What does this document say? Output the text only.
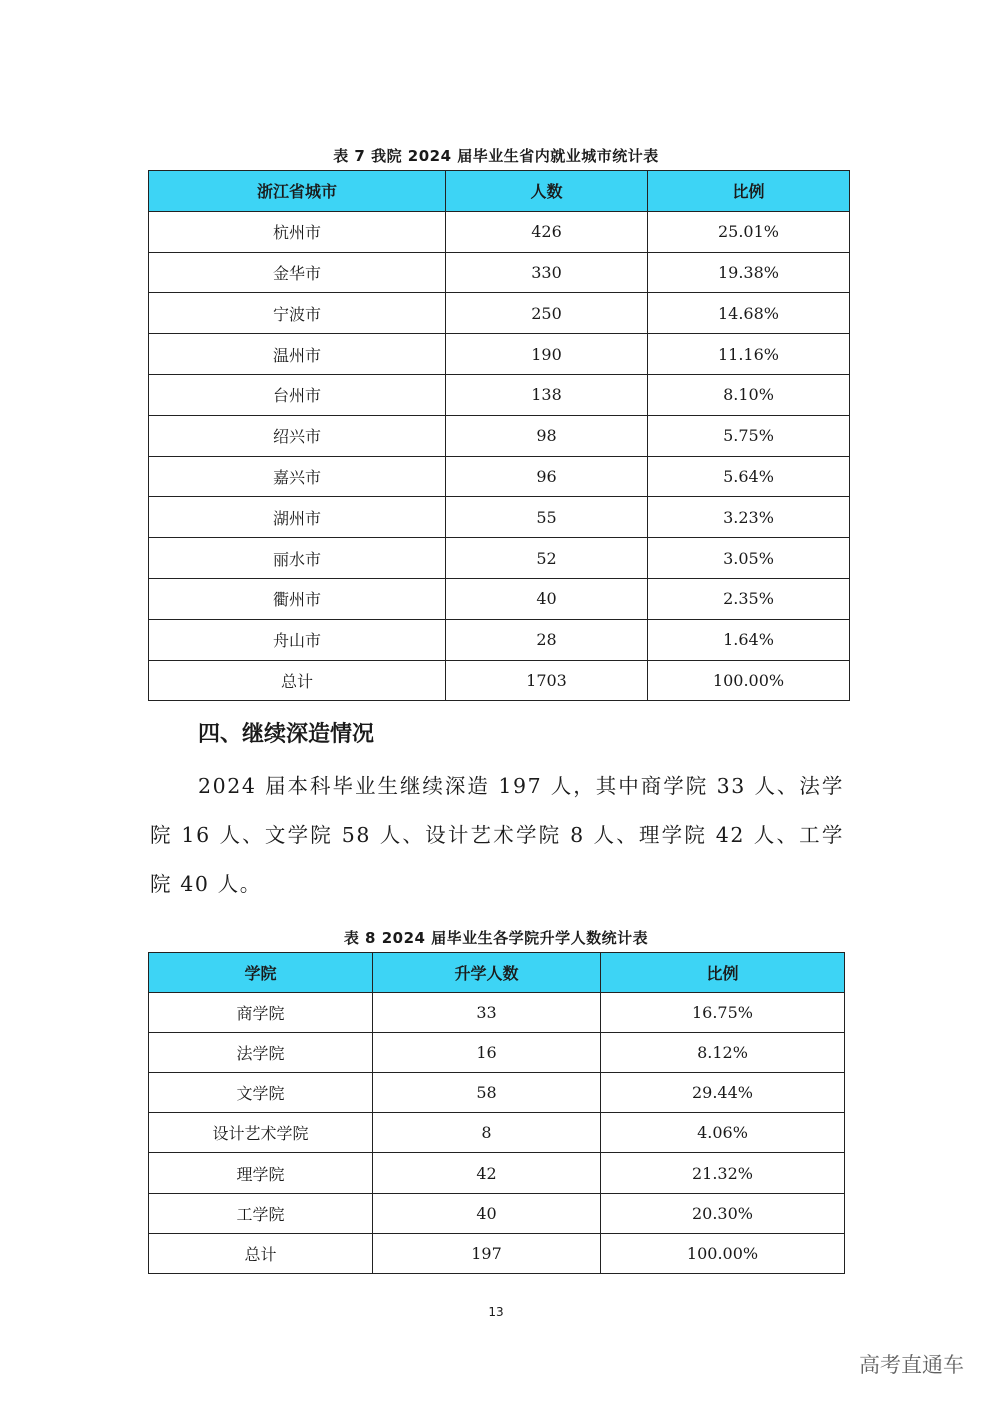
表 7 我院 2024 届毕业生省内就业城市统计表
浙江省城市	人数	比例
杭州市	426	25.01%
金华市	330	19.38%
宁波市	250	14.68%
温州市	190	11.16%
台州市	138	8.10%
绍兴市	98	5.75%
嘉兴市	96	5.64%
湖州市	55	3.23%
丽水市	52	3.05%
衢州市	40	2.35%
舟山市	28	1.64%
总计	1703	100.00%
四、继续深造情况
2024 届本科毕业生继续深造 197 人，其中商学院 33 人、法学院 16 人、文学院 58 人、设计艺术学院 8 人、理学院 42 人、工学院 40 人。
表 8 2024 届毕业生各学院升学人数统计表
学院	升学人数	比例
商学院	33	16.75%
法学院	16	8.12%
文学院	58	29.44%
设计艺术学院	8	4.06%
理学院	42	21.32%
工学院	40	20.30%
总计	197	100.00%
13
高考直通车
